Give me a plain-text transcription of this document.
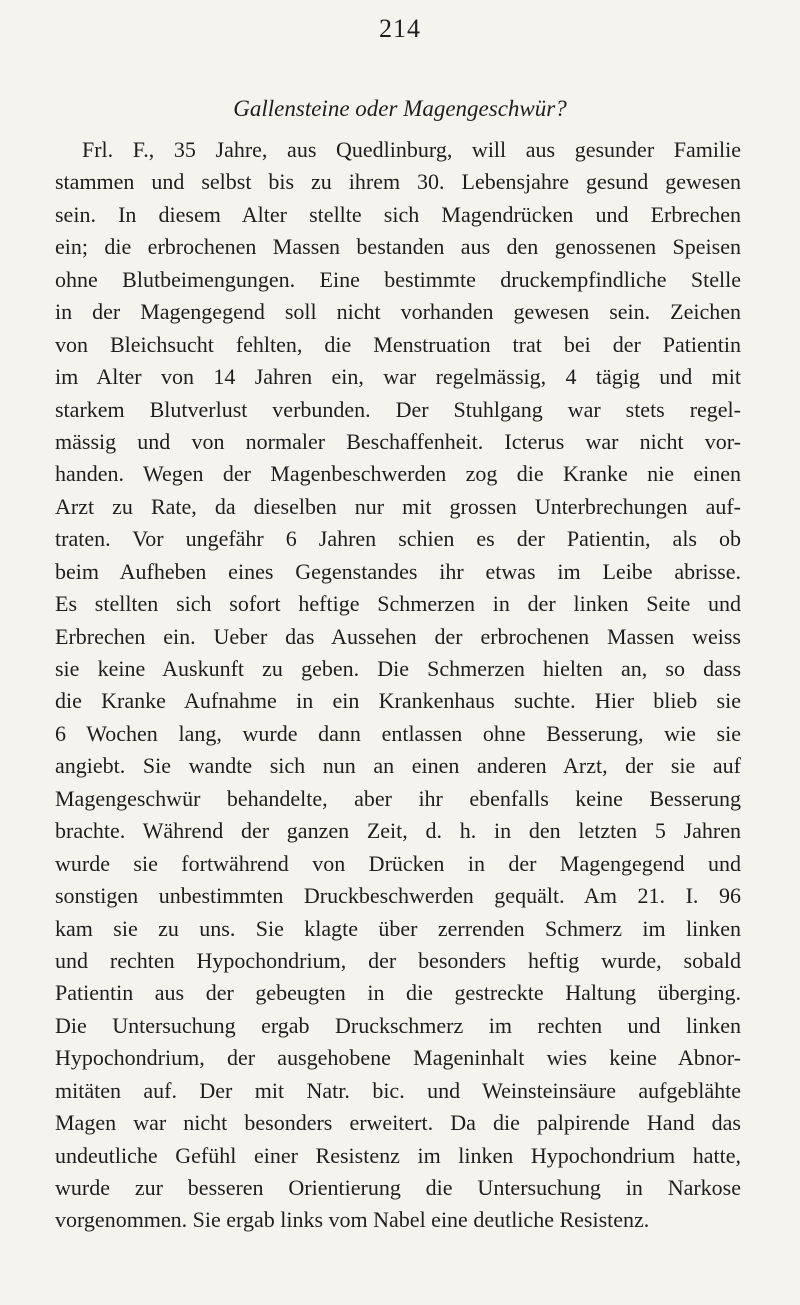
214
Gallensteine oder Magengeschwür?
Frl. F., 35 Jahre, aus Quedlinburg, will aus gesunder Familie
stammen und selbst bis zu ihrem 30. Lebensjahre gesund gewesen
sein. In diesem Alter stellte sich Magendrücken und Erbrechen
ein; die erbrochenen Massen bestanden aus den genossenen Speisen
ohne Blutbeimengungen. Eine bestimmte druckempfindliche Stelle
in der Magengegend soll nicht vorhanden gewesen sein. Zeichen
von Bleichsucht fehlten, die Menstruation trat bei der Patientin
im Alter von 14 Jahren ein, war regelmässig, 4 tägig und mit
starkem Blutverlust verbunden. Der Stuhlgang war stets regel-
mässig und von normaler Beschaffenheit. Icterus war nicht vor-
handen. Wegen der Magenbeschwerden zog die Kranke nie einen
Arzt zu Rate, da dieselben nur mit grossen Unterbrechungen auf-
traten. Vor ungefähr 6 Jahren schien es der Patientin, als ob
beim Aufheben eines Gegenstandes ihr etwas im Leibe abrisse.
Es stellten sich sofort heftige Schmerzen in der linken Seite und
Erbrechen ein. Ueber das Aussehen der erbrochenen Massen weiss
sie keine Auskunft zu geben. Die Schmerzen hielten an, so dass
die Kranke Aufnahme in ein Krankenhaus suchte. Hier blieb sie
6 Wochen lang, wurde dann entlassen ohne Besserung, wie sie
angiebt. Sie wandte sich nun an einen anderen Arzt, der sie auf
Magengeschwür behandelte, aber ihr ebenfalls keine Besserung
brachte. Während der ganzen Zeit, d. h. in den letzten 5 Jahren
wurde sie fortwährend von Drücken in der Magengegend und
sonstigen unbestimmten Druckbeschwerden gequält. Am 21. I. 96
kam sie zu uns. Sie klagte über zerrenden Schmerz im linken
und rechten Hypochondrium, der besonders heftig wurde, sobald
Patientin aus der gebeugten in die gestreckte Haltung überging.
Die Untersuchung ergab Druckschmerz im rechten und linken
Hypochondrium, der ausgehobene Mageninhalt wies keine Abnor-
mitäten auf. Der mit Natr. bic. und Weinsteinsäure aufgeblähte
Magen war nicht besonders erweitert. Da die palpirende Hand das
undeutliche Gefühl einer Resistenz im linken Hypochondrium hatte,
wurde zur besseren Orientierung die Untersuchung in Narkose
vorgenommen. Sie ergab links vom Nabel eine deutliche Resistenz.
